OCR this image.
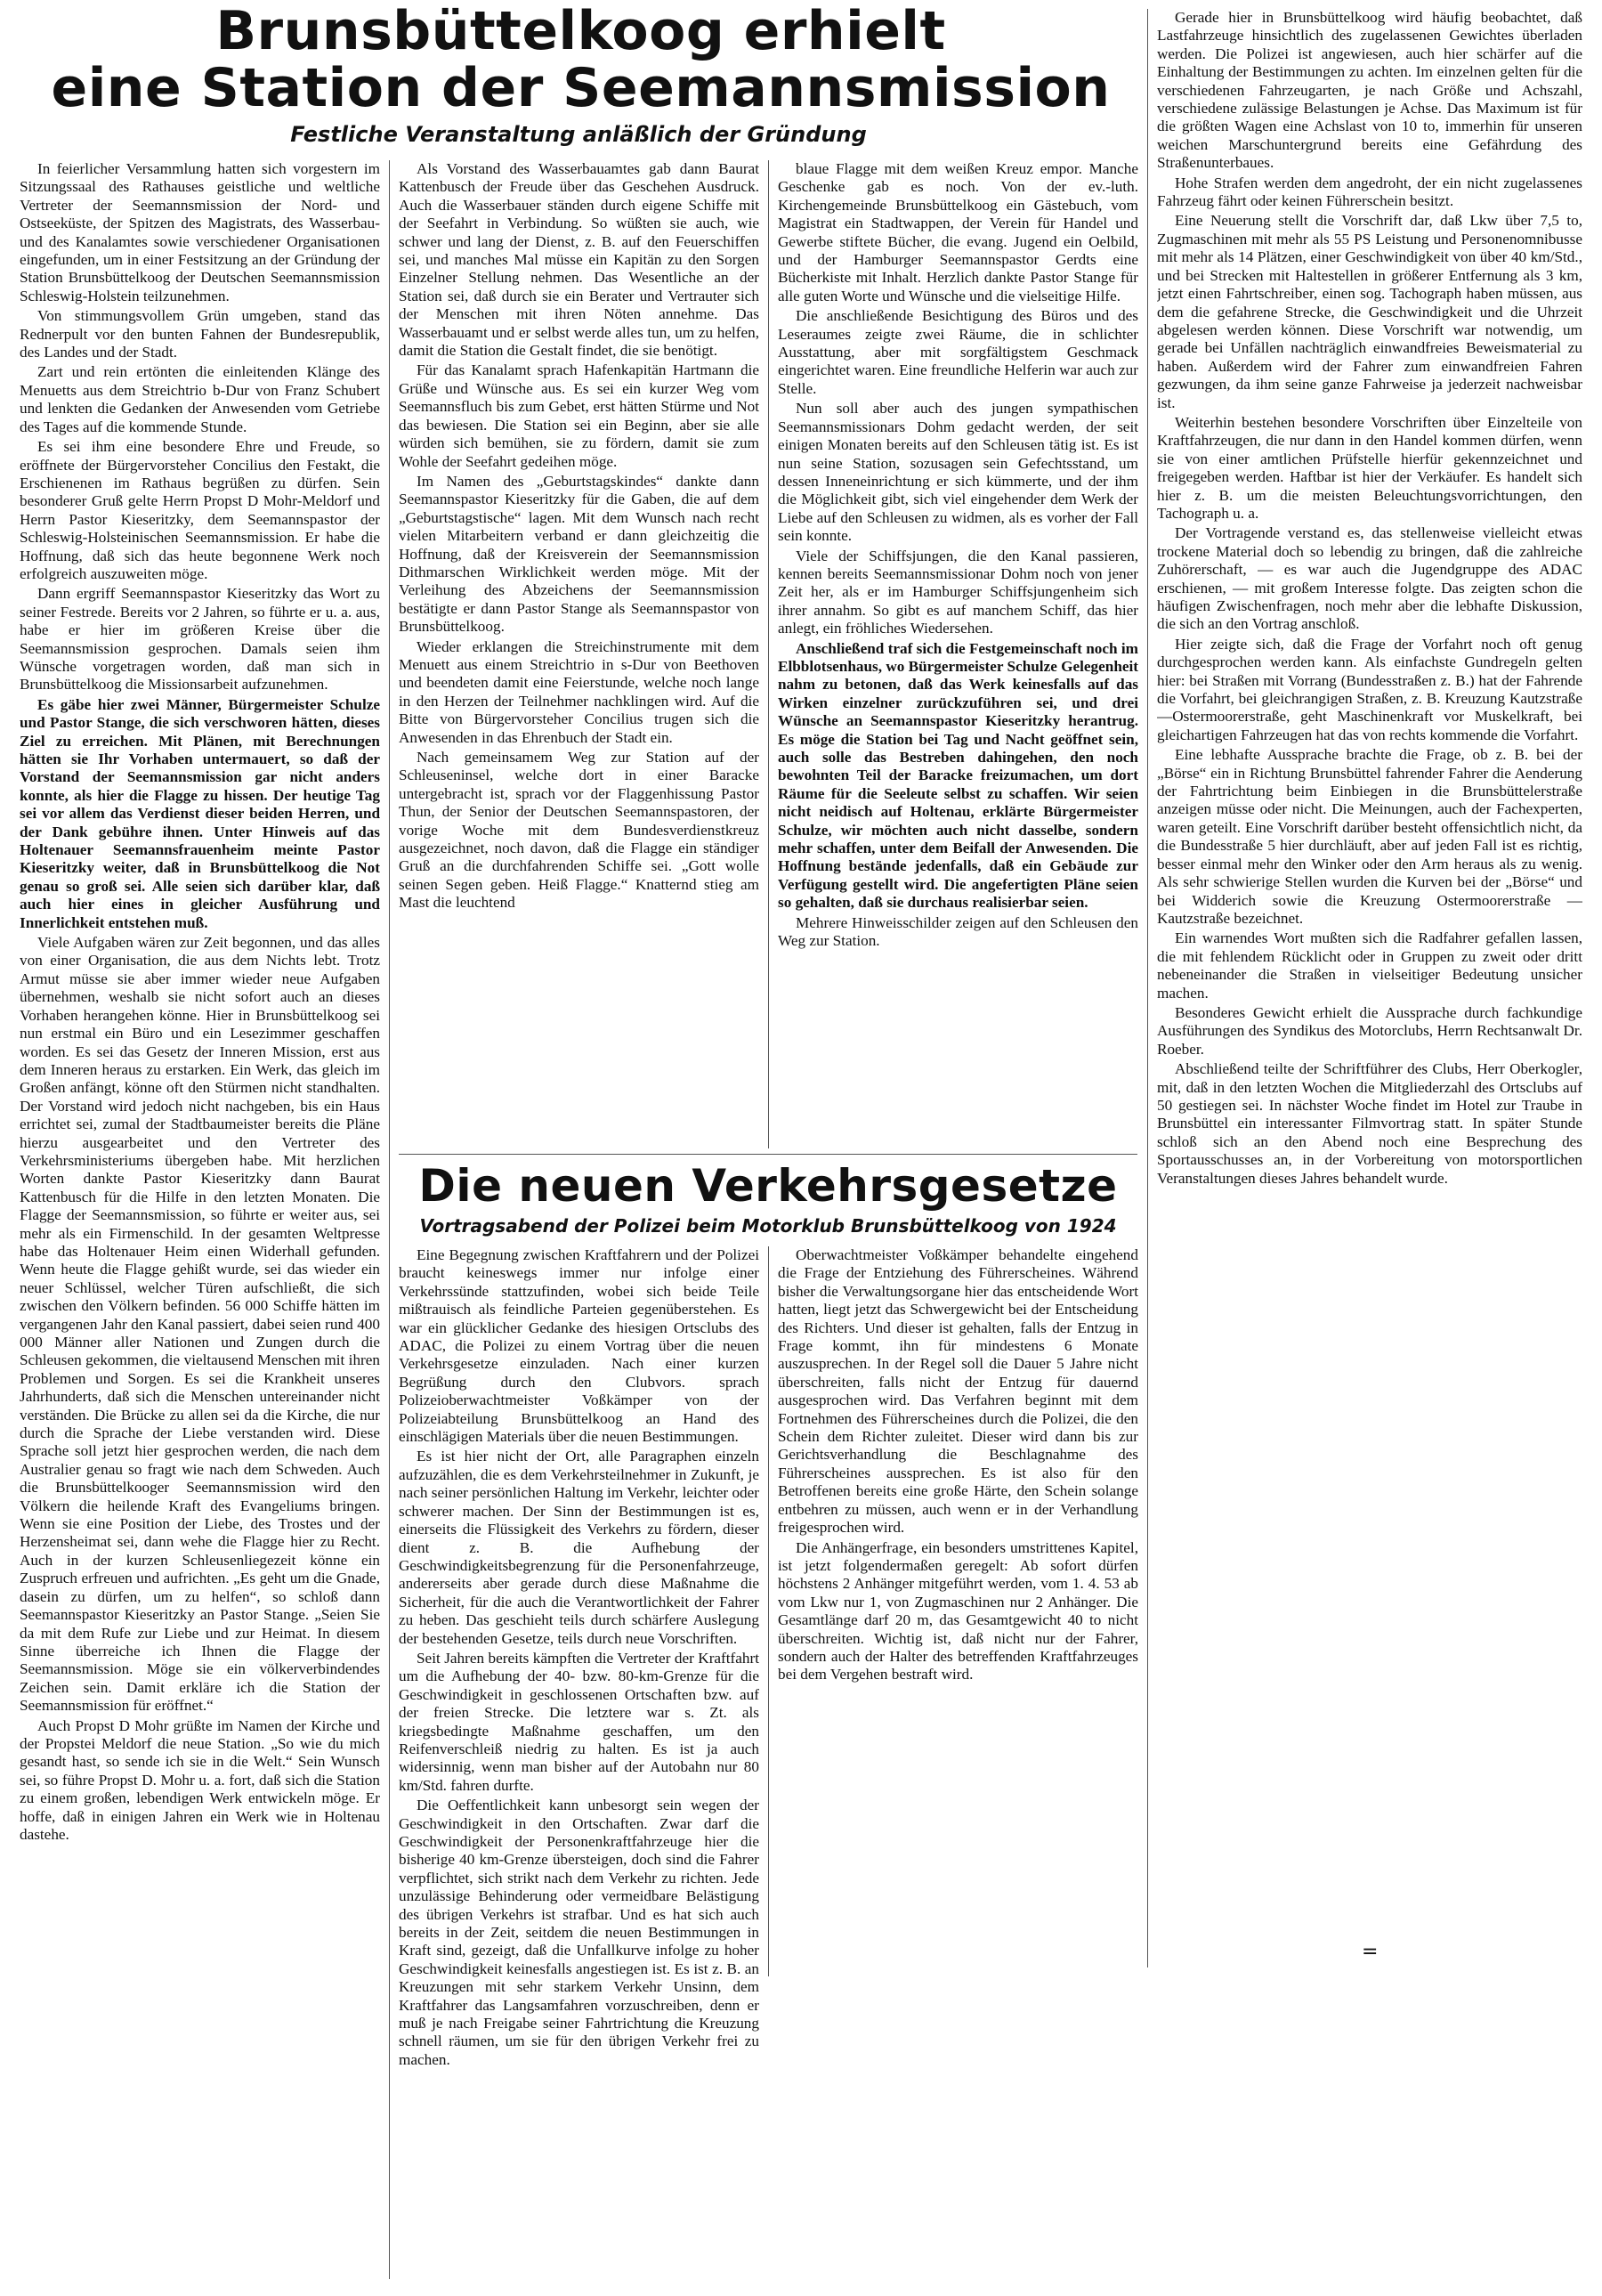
Brunsbüttelkoog erhielt
eine Station der Seemannsmission
Festliche Veranstaltung anläßlich der Gründung

In feierlicher Versammlung hatten sich vorgestern im Sitzungssaal des Rathauses geistliche und weltliche Vertreter der Seemannsmission der Nord- und Ostseeküste, der Spitzen des Magistrats, des Wasserbau- und des Kanalamtes sowie verschiedener Organisationen eingefunden, um in einer Festsitzung an der Gründung der Station Brunsbüttelkoog der Deutschen Seemannsmission Schleswig-Holstein teilzunehmen.

Von stimmungsvollem Grün umgeben, stand das Rednerpult vor den bunten Fahnen der Bundesrepublik, des Landes und der Stadt.

Zart und rein ertönten die einleitenden Klänge des Menuetts aus dem Streichtrio b-Dur von Franz Schubert und lenkten die Gedanken der Anwesenden vom Getriebe des Tages auf die kommende Stunde.

Es sei ihm eine besondere Ehre und Freude, so eröffnete der Bürgervorsteher Concilius den Festakt, die Erschienenen im Rathaus begrüßen zu dürfen. Sein besonderer Gruß gelte Herrn Propst D Mohr-Meldorf und Herrn Pastor Kieseritzky, dem Seemannspastor der Schleswig-Holsteinischen Seemannsmission. Er habe die Hoffnung, daß sich das heute begonnene Werk noch erfolgreich auszuweiten möge.

Dann ergriff Seemannspastor Kieseritzky das Wort zu seiner Festrede. Bereits vor 2 Jahren, so führte er u. a. aus, habe er hier im größeren Kreise über die Seemannsmission gesprochen. Damals seien ihm Wünsche vorgetragen worden, daß man sich in Brunsbüttelkoog die Missionsarbeit aufzunehmen.

Es gäbe hier zwei Männer, Bürgermeister Schulze und Pastor Stange, die sich verschworen hätten, dieses Ziel zu erreichen. Mit Plänen, mit Berechnungen hätten sie Ihr Vorhaben untermauert, so daß der Vorstand der Seemannsmission gar nicht anders konnte, als hier die Flagge zu hissen. Der heutige Tag sei vor allem das Verdienst dieser beiden Herren, und der Dank gebühre ihnen. Unter Hinweis auf das Holtenauer Seemannsfrauenheim meinte Pastor Kieseritzky weiter, daß in Brunsbüttelkoog die Not genau so groß sei. Alle seien sich darüber klar, daß auch hier eines in gleicher Ausführung und Innerlichkeit entstehen muß.

Viele Aufgaben wären zur Zeit begonnen, und das alles von einer Organisation, die aus dem Nichts lebt. Trotz Armut müsse sie aber immer wieder neue Aufgaben übernehmen, weshalb sie nicht sofort auch an dieses Vorhaben herangehen könne. Hier in Brunsbüttelkoog sei nun erstmal ein Büro und ein Lesezimmer geschaffen worden. Es sei das Gesetz der Inneren Mission, erst aus dem Inneren heraus zu erstarken. Ein Werk, das gleich im Großen anfängt, könne oft den Stürmen nicht standhalten. Der Vorstand wird jedoch nicht nachgeben, bis ein Haus errichtet sei, zumal der Stadtbaumeister bereits die Pläne hierzu ausgearbeitet und den Vertreter des Verkehrsministeriums übergeben habe. Mit herzlichen Worten dankte Pastor Kieseritzky dann Baurat Kattenbusch für die Hilfe in den letzten Monaten. Die Flagge der Seemannsmission, so führte er weiter aus, sei mehr als ein Firmenschild. In der gesamten Weltpresse habe das Holtenauer Heim einen Widerhall gefunden. Wenn heute die Flagge gehißt wurde, sei das wieder ein neuer Schlüssel, welcher Türen aufschließt, die sich zwischen den Völkern befinden. 56 000 Schiffe hätten im vergangenen Jahr den Kanal passiert, dabei seien rund 400 000 Männer aller Nationen und Zungen durch die Schleusen gekommen, die vieltausend Menschen mit ihren Problemen und Sorgen. Es sei die Krankheit unseres Jahrhunderts, daß sich die Menschen untereinander nicht verständen. Die Brücke zu allen sei da die Kirche, die nur durch die Sprache der Liebe verstanden wird. Diese Sprache soll jetzt hier gesprochen werden, die nach dem Australier genau so fragt wie nach dem Schweden. Auch die Brunsbüttelkooger Seemannsmission wird den Völkern die heilende Kraft des Evangeliums bringen. Wenn sie eine Position der Liebe, des Trostes und der Herzensheimat sei, dann wehe die Flagge hier zu Recht. Auch in der kurzen Schleusenliegezeit könne ein Zuspruch erfreuen und aufrichten. „Es geht um die Gnade, dasein zu dürfen, um zu helfen“, so schloß dann Seemannspastor Kieseritzky an Pastor Stange. „Seien Sie da mit dem Rufe zur Liebe und zur Heimat. In diesem Sinne überreiche ich Ihnen die Flagge der Seemannsmission. Möge sie ein völkerverbindendes Zeichen sein. Damit erkläre ich die Station der Seemannsmission für eröffnet.“

Auch Propst D Mohr grüßte im Namen der Kirche und der Propstei Meldorf die neue Station. „So wie du mich gesandt hast, so sende ich sie in die Welt.“ Sein Wunsch sei, so führe Propst D. Mohr u. a. fort, daß sich die Station zu einem großen, lebendigen Werk entwickeln möge. Er hoffe, daß in einigen Jahren ein Werk wie in Holtenau dastehe.

Als Vorstand des Wasserbauamtes gab dann Baurat Kattenbusch der Freude über das Geschehen Ausdruck. Auch die Wasserbauer ständen durch eigene Schiffe mit der Seefahrt in Verbindung. So wüßten sie auch, wie schwer und lang der Dienst, z. B. auf den Feuerschiffen sei, und manches Mal müsse ein Kapitän zu den Sorgen Einzelner Stellung nehmen. Das Wesentliche an der Station sei, daß durch sie ein Berater und Vertrauter sich der Menschen mit ihren Nöten annehme. Das Wasserbauamt und er selbst werde alles tun, um zu helfen, damit die Station die Gestalt findet, die sie benötigt.

Für das Kanalamt sprach Hafenkapitän Hartmann die Grüße und Wünsche aus. Es sei ein kurzer Weg vom Seemannsfluch bis zum Gebet, erst hätten Stürme und Not das bewiesen. Die Station sei ein Beginn, aber sie alle würden sich bemühen, sie zu fördern, damit sie zum Wohle der Seefahrt gedeihen möge.

Im Namen des „Geburtstagskindes“ dankte dann Seemannspastor Kieseritzky für die Gaben, die auf dem „Geburtstagstische“ lagen. Mit dem Wunsch nach recht vielen Mitarbeitern verband er dann gleichzeitig die Hoffnung, daß der Kreisverein der Seemannsmission Dithmarschen Wirklichkeit werden möge. Mit der Verleihung des Abzeichens der Seemannsmission bestätigte er dann Pastor Stange als Seemannspastor von Brunsbüttelkoog.

Wieder erklangen die Streichinstrumente mit dem Menuett aus einem Streichtrio in s-Dur von Beethoven und beendeten damit eine Feierstunde, welche noch lange in den Herzen der Teilnehmer nachklingen wird. Auf die Bitte von Bürgervorsteher Concilius trugen sich die Anwesenden in das Ehrenbuch der Stadt ein.

Nach gemeinsamem Weg zur Station auf der Schleuseninsel, welche dort in einer Baracke untergebracht ist, sprach vor der Flaggenhissung Pastor Thun, der Senior der Deutschen Seemannspastoren, der vorige Woche mit dem Bundesverdienstkreuz ausgezeichnet, noch davon, daß die Flagge ein ständiger Gruß an die durchfahrenden Schiffe sei. „Gott wolle seinen Segen geben. Heiß Flagge.“ Knatternd stieg am Mast die leuchtend

blaue Flagge mit dem weißen Kreuz empor. Manche Geschenke gab es noch. Von der ev.-luth. Kirchengemeinde Brunsbüttelkoog ein Gästebuch, vom Magistrat ein Stadtwappen, der Verein für Handel und Gewerbe stiftete Bücher, die evang. Jugend ein Oelbild, und der Hamburger Seemannspastor Gerdts eine Bücherkiste mit Inhalt. Herzlich dankte Pastor Stange für alle guten Worte und Wünsche und die vielseitige Hilfe.

Die anschließende Besichtigung des Büros und des Leseraumes zeigte zwei Räume, die in schlichter Ausstattung, aber mit sorgfältigstem Geschmack eingerichtet waren. Eine freundliche Helferin war auch zur Stelle.

Nun soll aber auch des jungen sympathischen Seemannsmissionars Dohm gedacht werden, der seit einigen Monaten bereits auf den Schleusen tätig ist. Es ist nun seine Station, sozusagen sein Gefechtsstand, um dessen Inneneinrichtung er sich kümmerte, und der ihm die Möglichkeit gibt, sich viel eingehender dem Werk der Liebe auf den Schleusen zu widmen, als es vorher der Fall sein konnte.

Viele der Schiffsjungen, die den Kanal passieren, kennen bereits Seemannsmissionar Dohm noch von jener Zeit her, als er im Hamburger Schiffsjungenheim sich ihrer annahm. So gibt es auf manchem Schiff, das hier anlegt, ein fröhliches Wiedersehen.

Anschließend traf sich die Festgemeinschaft noch im Elbblotsenhaus, wo Bürgermeister Schulze Gelegenheit nahm zu betonen, daß das Werk keinesfalls auf das Wirken einzelner zurückzuführen sei, und drei Wünsche an Seemannspastor Kieseritzky herantrug. Es möge die Station bei Tag und Nacht geöffnet sein, auch solle das Bestreben dahingehen, den noch bewohnten Teil der Baracke freizumachen, um dort Räume für die Seeleute selbst zu schaffen. Wir seien nicht neidisch auf Holtenau, erklärte Bürgermeister Schulze, wir möchten auch nicht dasselbe, sondern mehr schaffen, unter dem Beifall der Anwesenden. Die Hoffnung bestände jedenfalls, daß ein Gebäude zur Verfügung gestellt wird. Die angefertigten Pläne seien so gehalten, daß sie durchaus realisierbar seien.

Mehrere Hinweisschilder zeigen auf den Schleusen den Weg zur Station.

Die neuen Verkehrsgesetze
Vortragsabend der Polizei beim Motorklub Brunsbüttelkoog von 1924

Eine Begegnung zwischen Kraftfahrern und der Polizei braucht keineswegs immer nur infolge einer Verkehrssünde stattzufinden, wobei sich beide Teile mißtrauisch als feindliche Parteien gegenüberstehen. Es war ein glücklicher Gedanke des hiesigen Ortsclubs des ADAC, die Polizei zu einem Vortrag über die neuen Verkehrsgesetze einzuladen. Nach einer kurzen Begrüßung durch den Clubvors. sprach Polizeioberwachtmeister Voßkämper von der Polizeiabteilung Brunsbüttelkoog an Hand des einschlägigen Materials über die neuen Bestimmungen.

Es ist hier nicht der Ort, alle Paragraphen einzeln aufzuzählen, die es dem Verkehrsteilnehmer in Zukunft, je nach seiner persönlichen Haltung im Verkehr, leichter oder schwerer machen. Der Sinn der Bestimmungen ist es, einerseits die Flüssigkeit des Verkehrs zu fördern, dieser dient z. B. die Aufhebung der Geschwindigkeitsbegrenzung für die Personenfahrzeuge, andererseits aber gerade durch diese Maßnahme die Sicherheit, für die auch die Verantwortlichkeit der Fahrer zu heben. Das geschieht teils durch schärfere Auslegung der bestehenden Gesetze, teils durch neue Vorschriften.

Seit Jahren bereits kämpften die Vertreter der Kraftfahrt um die Aufhebung der 40- bzw. 80-km-Grenze für die Geschwindigkeit in geschlossenen Ortschaften bzw. auf der freien Strecke. Die letztere war s. Zt. als kriegsbedingte Maßnahme geschaffen, um den Reifenverschleiß niedrig zu halten. Es ist ja auch widersinnig, wenn man bisher auf der Autobahn nur 80 km/Std. fahren durfte.

Die Oeffentlichkeit kann unbesorgt sein wegen der Geschwindigkeit in den Ortschaften. Zwar darf die Geschwindigkeit der Personenkraftfahrzeuge hier die bisherige 40 km-Grenze übersteigen, doch sind die Fahrer verpflichtet, sich strikt nach dem Verkehr zu richten. Jede unzulässige Behinderung oder vermeidbare Belästigung des übrigen Verkehrs ist strafbar. Und es hat sich auch bereits in der Zeit, seitdem die neuen Bestimmungen in Kraft sind, gezeigt, daß die Unfallkurve infolge zu hoher Geschwindigkeit keinesfalls angestiegen ist. Es ist z. B. an Kreuzungen mit sehr starkem Verkehr Unsinn, dem Kraftfahrer das Langsamfahren vorzuschreiben, denn er muß je nach Freigabe seiner Fahrtrichtung die Kreuzung schnell räumen, um sie für den übrigen Verkehr frei zu machen.

Oberwachtmeister Voßkämper behandelte eingehend die Frage der Entziehung des Führerscheines. Während bisher die Verwaltungsorgane hier das entscheidende Wort hatten, liegt jetzt das Schwergewicht bei der Entscheidung des Richters. Und dieser ist gehalten, falls der Entzug in Frage kommt, ihn für mindestens 6 Monate auszusprechen. In der Regel soll die Dauer 5 Jahre nicht überschreiten, falls nicht der Entzug für dauernd ausgesprochen wird. Das Verfahren beginnt mit dem Fortnehmen des Führerscheines durch die Polizei, die den Schein dem Richter zuleitet. Dieser wird dann bis zur Gerichtsverhandlung die Beschlagnahme des Führerscheines aussprechen. Es ist also für den Betroffenen bereits eine große Härte, den Schein solange entbehren zu müssen, auch wenn er in der Verhandlung freigesprochen wird.

Die Anhängerfrage, ein besonders umstrittenes Kapitel, ist jetzt folgendermaßen geregelt: Ab sofort dürfen höchstens 2 Anhänger mitgeführt werden, vom 1. 4. 53 ab vom Lkw nur 1, von Zugmaschinen nur 2 Anhänger. Die Gesamtlänge darf 20 m, das Gesamtgewicht 40 to nicht überschreiten. Wichtig ist, daß nicht nur der Fahrer, sondern auch der Halter des betreffenden Kraftfahrzeuges bei dem Vergehen bestraft wird.

Gerade hier in Brunsbüttelkoog wird häufig beobachtet, daß Lastfahrzeuge hinsichtlich des zugelassenen Gewichtes überladen werden. Die Polizei ist angewiesen, auch hier schärfer auf die Einhaltung der Bestimmungen zu achten. Im einzelnen gelten für die verschiedenen Fahrzeugarten, je nach Größe und Achszahl, verschiedene zulässige Belastungen je Achse. Das Maximum ist für die größten Wagen eine Achslast von 10 to, immerhin für unseren weichen Marschuntergrund bereits eine Gefährdung des Straßenunterbaues.

Hohe Strafen werden dem angedroht, der ein nicht zugelassenes Fahrzeug fährt oder keinen Führerschein besitzt.

Eine Neuerung stellt die Vorschrift dar, daß Lkw über 7,5 to, Zugmaschinen mit mehr als 55 PS Leistung und Personenomnibusse mit mehr als 14 Plätzen, einer Geschwindigkeit von über 40 km/Std., und bei Strecken mit Haltestellen in größerer Entfernung als 3 km, jetzt einen Fahrtschreiber, einen sog. Tachograph haben müssen, aus dem die gefahrene Strecke, die Geschwindigkeit und die Uhrzeit abgelesen werden können. Diese Vorschrift war notwendig, um gerade bei Unfällen nachträglich einwandfreies Beweismaterial zu haben. Außerdem wird der Fahrer zum einwandfreien Fahren gezwungen, da ihm seine ganze Fahrweise ja jederzeit nachweisbar ist.

Weiterhin bestehen besondere Vorschriften über Einzelteile von Kraftfahrzeugen, die nur dann in den Handel kommen dürfen, wenn sie von einer amtlichen Prüfstelle hierfür gekennzeichnet und freigegeben werden. Haftbar ist hier der Verkäufer. Es handelt sich hier z. B. um die meisten Beleuchtungsvorrichtungen, den Tachograph u. a.

Der Vortragende verstand es, das stellenweise vielleicht etwas trockene Material doch so lebendig zu bringen, daß die zahlreiche Zuhörerschaft, — es war auch die Jugendgruppe des ADAC erschienen, — mit großem Interesse folgte. Das zeigten schon die häufigen Zwischenfragen, noch mehr aber die lebhafte Diskussion, die sich an den Vortrag anschloß.

Hier zeigte sich, daß die Frage der Vorfahrt noch oft genug durchgesprochen werden kann. Als einfachste Gundregeln gelten hier: bei Straßen mit Vorrang (Bundesstraßen z. B.) hat der Fahrende die Vorfahrt, bei gleichrangigen Straßen, z. B. Kreuzung Kautzstraße—Ostermoorerstraße, geht Maschinenkraft vor Muskelkraft, bei gleichartigen Fahrzeugen hat das von rechts kommende die Vorfahrt.

Eine lebhafte Aussprache brachte die Frage, ob z. B. bei der „Börse“ ein in Richtung Brunsbüttel fahrender Fahrer die Aenderung der Fahrtrichtung beim Einbiegen in die Brunsbüttelerstraße anzeigen müsse oder nicht. Die Meinungen, auch der Fachexperten, waren geteilt. Eine Vorschrift darüber besteht offensichtlich nicht, da die Bundesstraße 5 hier durchläuft, aber auf jeden Fall ist es richtig, besser einmal mehr den Winker oder den Arm heraus als zu wenig. Als sehr schwierige Stellen wurden die Kurven bei der „Börse“ und bei Widderich sowie die Kreuzung Ostermoorerstraße — Kautzstraße bezeichnet.

Ein warnendes Wort mußten sich die Radfahrer gefallen lassen, die mit fehlendem Rücklicht oder in Gruppen zu zweit oder dritt nebeneinander die Straßen in vielseitiger Bedeutung unsicher machen.

Besonderes Gewicht erhielt die Aussprache durch fachkundige Ausführungen des Syndikus des Motorclubs, Herrn Rechtsanwalt Dr. Roeber.

Abschließend teilte der Schriftführer des Clubs, Herr Oberkogler, mit, daß in den letzten Wochen die Mitgliederzahl des Ortsclubs auf 50 gestiegen sei. In nächster Woche findet im Hotel zur Traube in Brunsbüttel ein interessanter Filmvortrag statt. In später Stunde schloß sich an den Abend noch eine Besprechung des Sportausschusses an, in der Vorbereitung von motorsportlichen Veranstaltungen dieses Jahres behandelt wurde.

=
